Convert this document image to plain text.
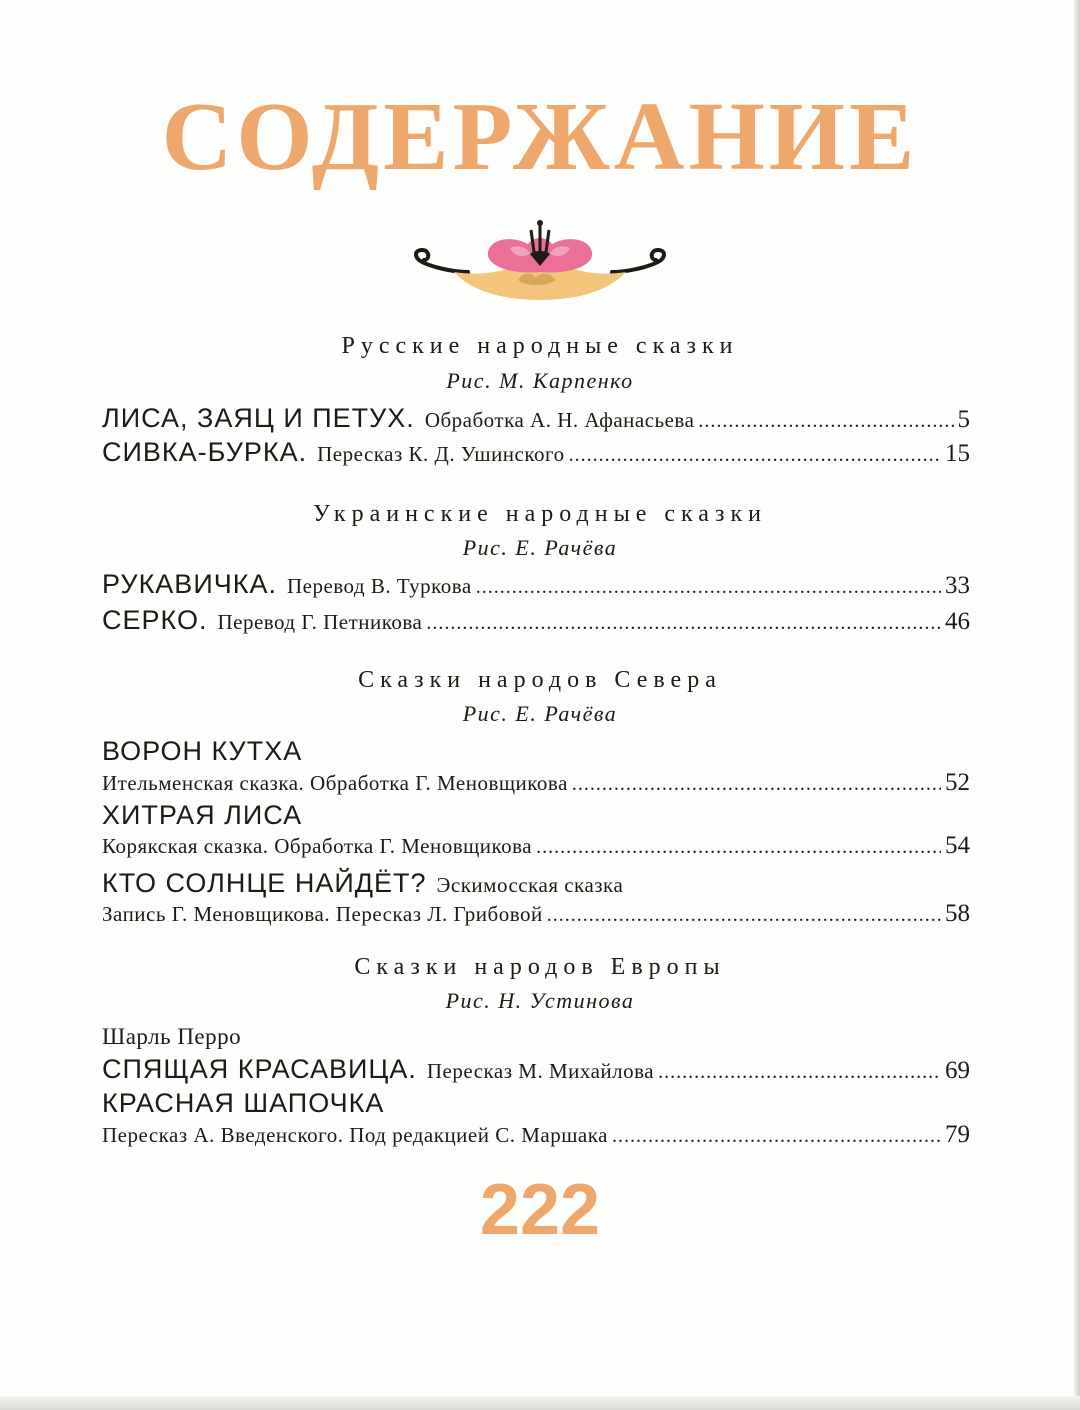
СОДЕРЖАНИЕ
Русские народные сказки
Рис. М. Карпенко
ЛИСА, ЗАЯЦ И ПЕТУХ. Обработка А. Н. Афанасьева .....	5
СИВКА-БУРКА. Пересказ К. Д. Ушинского .....	15
Украинские народные сказки
Рис. Е. Рачёва
РУКАВИЧКА. Перевод В. Туркова .....	33
СЕРКО. Перевод Г. Петникова .....	46
Сказки народов Севера
Рис. Е. Рачёва
ВОРОН КУТХА
Ительменская сказка. Обработка Г. Меновщикова .....	52
ХИТРАЯ ЛИСА
Корякская сказка. Обработка Г. Меновщикова .....	54
КТО СОЛНЦЕ НАЙДЁТ? Эскимосская сказка
Запись Г. Меновщикова. Пересказ Л. Грибовой .....	58
Сказки народов Европы
Рис. Н. Устинова
Шарль Перро
СПЯЩАЯ КРАСАВИЦА. Пересказ М. Михайлова .....	69
КРАСНАЯ ШАПОЧКА
Пересказ А. Введенского. Под редакцией С. Маршака .....	79
222
